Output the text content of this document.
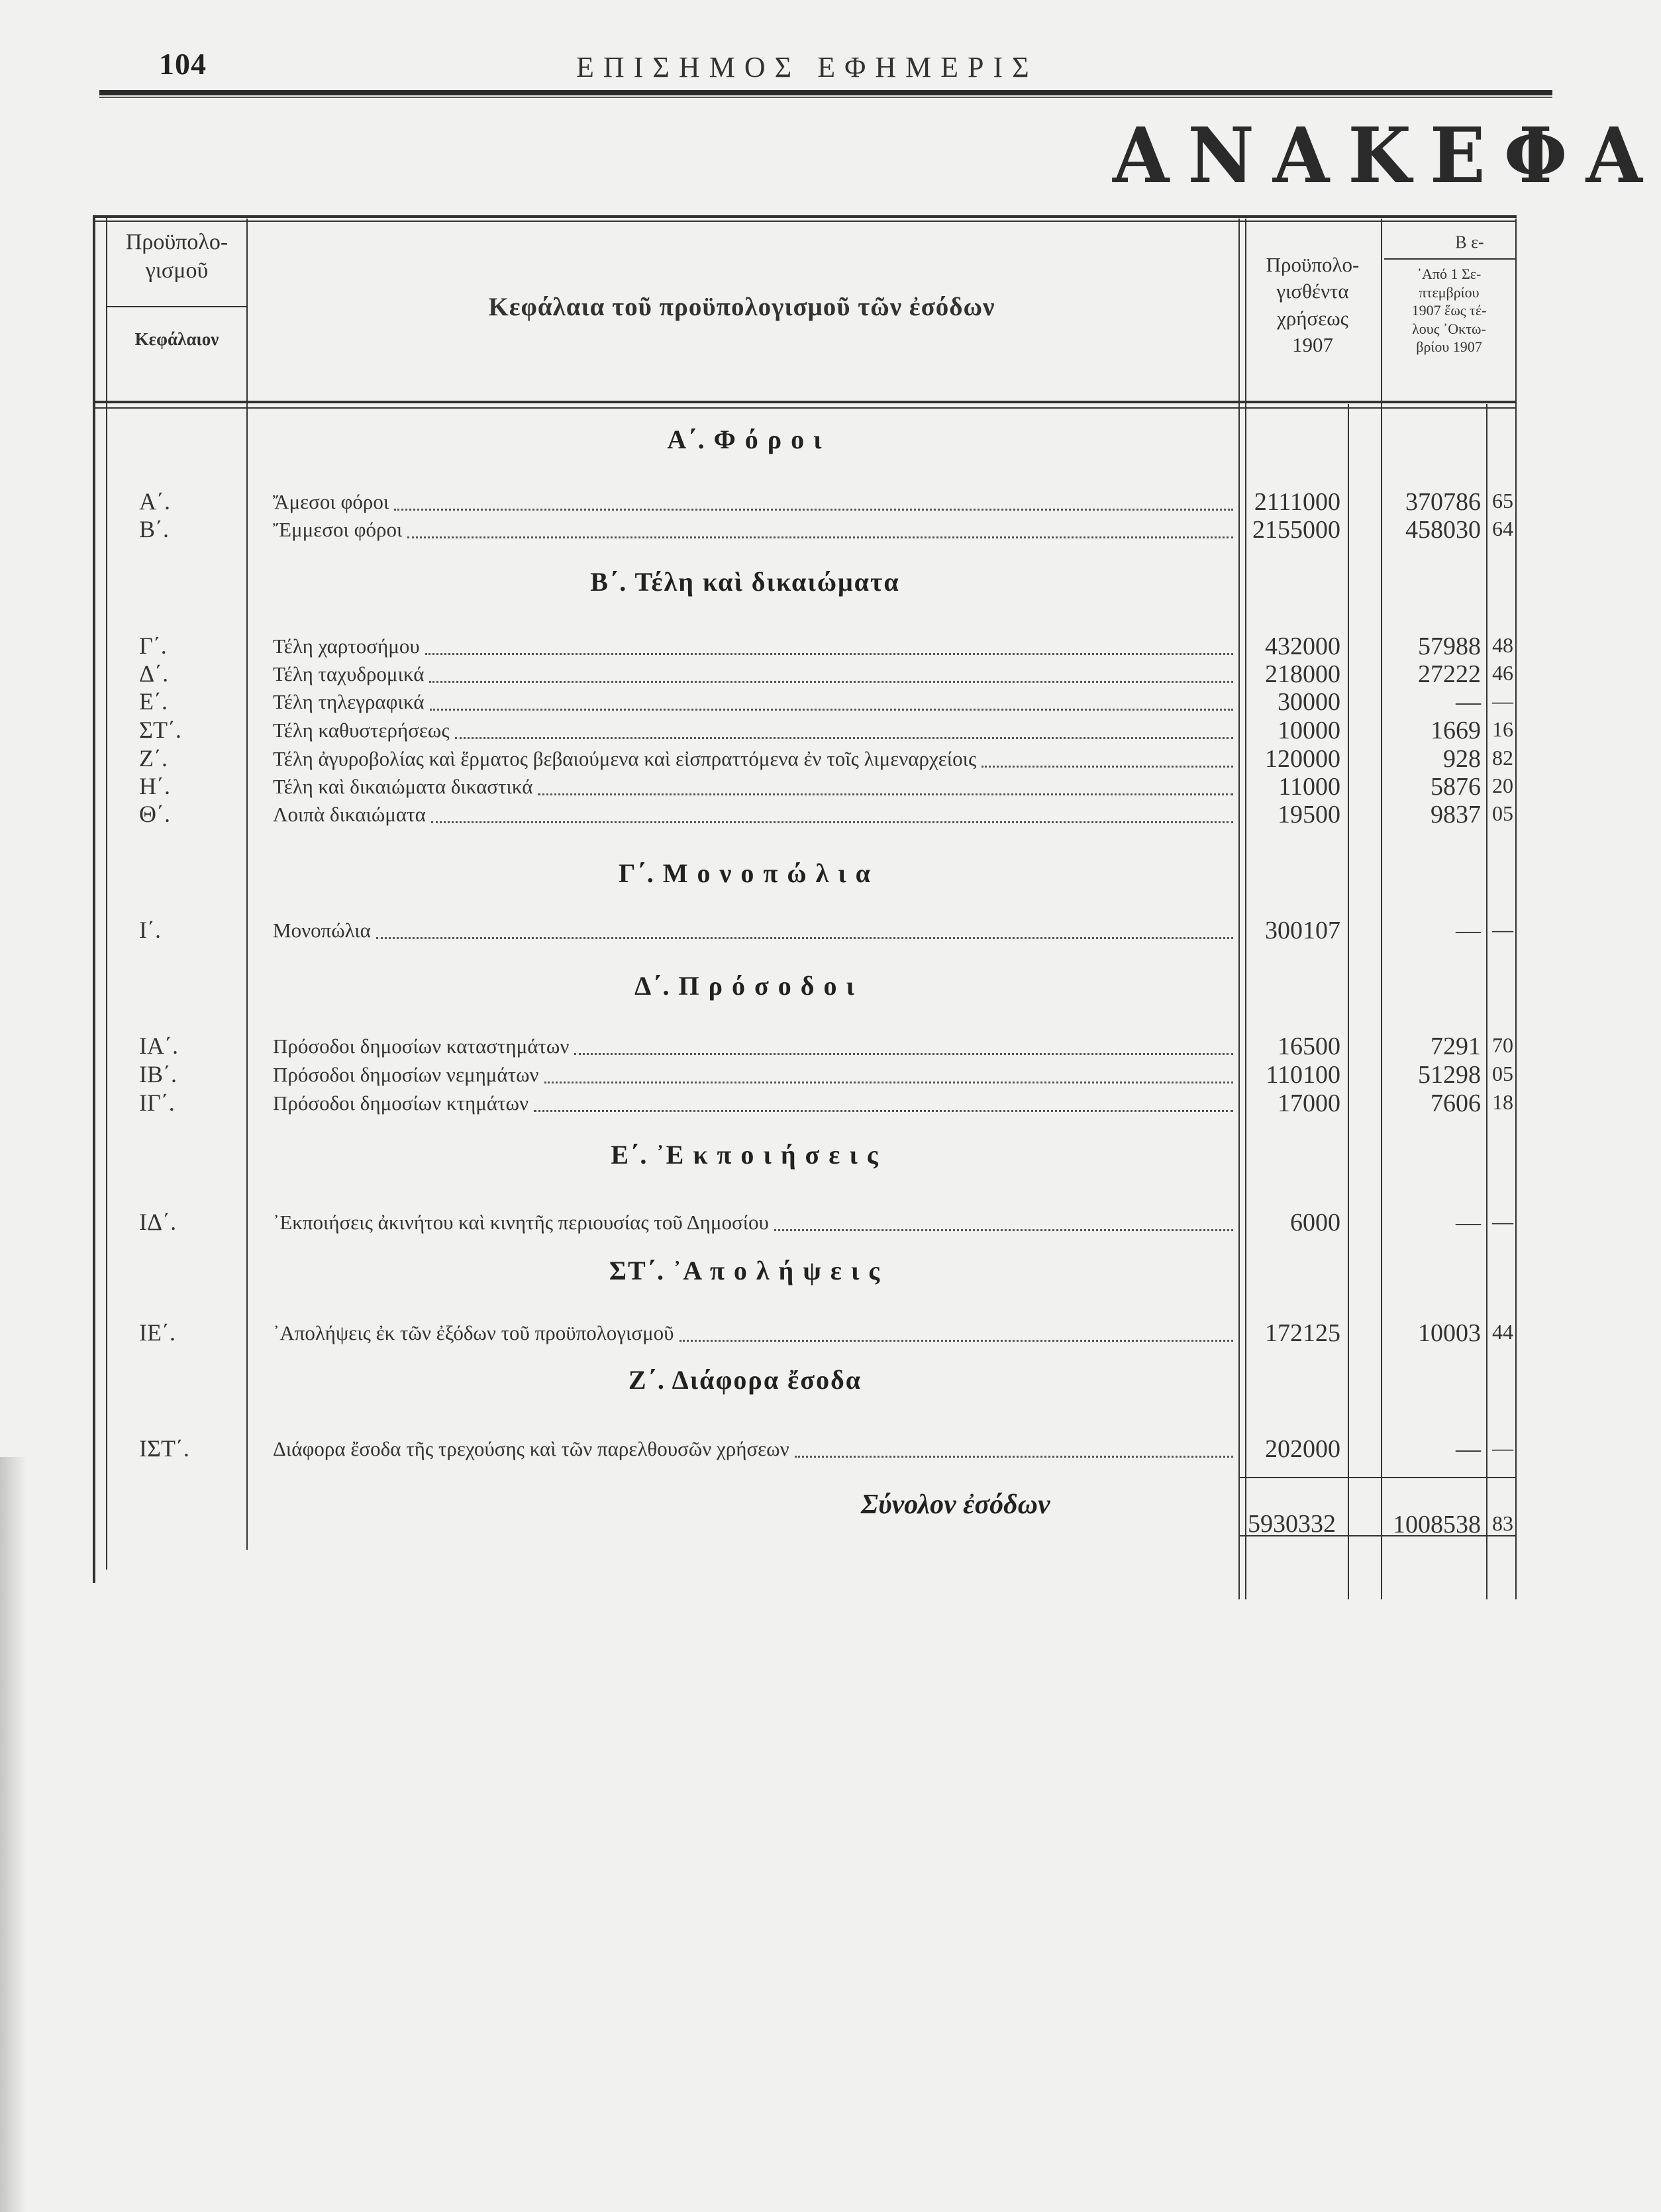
104	ΕΠΙΣΗΜΟΣ ΕΦΗΜΕΡΙΣ
ΑΝΑΚΕΦΑ
Προϋπολο-
γισμοῦ
Κεφάλαιον
Κεφάλαια τοῦ προϋπολογισμοῦ τῶν ἐσόδων
Προϋπολο-
γισθέντα
χρήσεως
1907
Β ε-
᾿Από 1 Σε-
πτεμβρίου
1907 ἕως τέ-
λους ᾿Οκτω-
βρίου 1907
Α΄. Φ ό ρ ο ι
Α΄.	Ἄμεσοι φόροι	2111000	370786 65
Β΄.	Ἔμμεσοι φόροι	2155000	458030 64
Β΄. Τέλη καὶ δικαιώματα
Γ΄.	Τέλη χαρτοσήμου	432000	57988 48
Δ΄.	Τέλη ταχυδρομικά	218000	27222 46
Ε΄.	Τέλη τηλεγραφικά	30000	— —
ΣΤ΄.	Τέλη καθυστερήσεως	10000	1669 16
Ζ΄.	Τέλη ἀγυροβολίας καὶ ἕρματος βεβαιούμενα καὶ εἰσπραττόμενα ἐν τοῖς λιμεναρχείοις	120000	928 82
Η΄.	Τέλη καὶ δικαιώματα δικαστικά	11000	5876 20
Θ΄.	Λοιπὰ δικαιώματα	19500	9837 05
Γ΄. Μ ο ν ο π ώ λ ι α
Ι΄.	Μονοπώλια	300107	— —
Δ΄. Π ρ ό σ ο δ ο ι
ΙΑ΄.	Πρόσοδοι δημοσίων καταστημάτων	16500	7291 70
ΙΒ΄.	Πρόσοδοι δημοσίων νεμημάτων	110100	51298 05
ΙΓ΄.	Πρόσοδοι δημοσίων κτημάτων	17000	7606 18
Ε΄. ᾿Ε κ π ο ι ή σ ε ι ς
ΙΔ΄.	᾿Εκποιήσεις ἀκινήτου καὶ κινητῆς περιουσίας τοῦ Δημοσίου	6000	— —
ΣΤ΄. ᾿Α π ο λ ή ψ ε ι ς
ΙΕ΄.	᾿Απολήψεις ἐκ τῶν ἐξόδων τοῦ προϋπολογισμοῦ	172125	10003 44
Ζ΄. Διάφορα ἔσοδα
ΙΣΤ΄.	Διάφορα ἔσοδα τῆς τρεχούσης καὶ τῶν παρελθουσῶν χρήσεων	202000	— —
Σύνολον ἐσόδων
5930332 1008538 83
